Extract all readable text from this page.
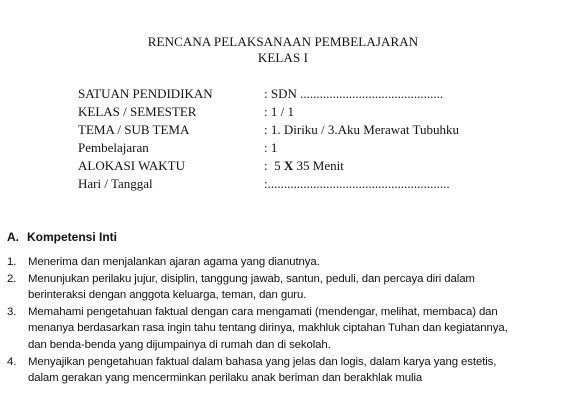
RENCANA PELAKSANAAN PEMBELAJARAN
KELAS I
SATUAN PENDIDIKAN	: SDN ............................................
KELAS / SEMESTER	: 1 / 1
TEMA / SUB TEMA	: 1. Diriku / 3.Aku Merawat Tubuhku
Pembelajaran	: 1
ALOKASI WAKTU	:  5 X 35 Menit
Hari / Tanggal	:........................................................
A. Kompetensi Inti
1. Menerima dan menjalankan ajaran agama yang dianutnya.
2. Menunjukan perilaku jujur, disiplin, tanggung jawab, santun, peduli, dan percaya diri dalam
berinteraksi dengan anggota keluarga, teman, dan guru.
3. Memahami pengetahuan faktual dengan cara mengamati (mendengar, melihat, membaca) dan
menanya berdasarkan rasa ingin tahu tentang dirinya, makhluk ciptahan Tuhan dan kegiatannya,
dan benda-benda yang dijumpainya di rumah dan di sekolah.
4. Menyajikan pengetahuan faktual dalam bahasa yang jelas dan logis, dalam karya yang estetis,
dalam gerakan yang mencerminkan perilaku anak beriman dan berakhlak mulia
